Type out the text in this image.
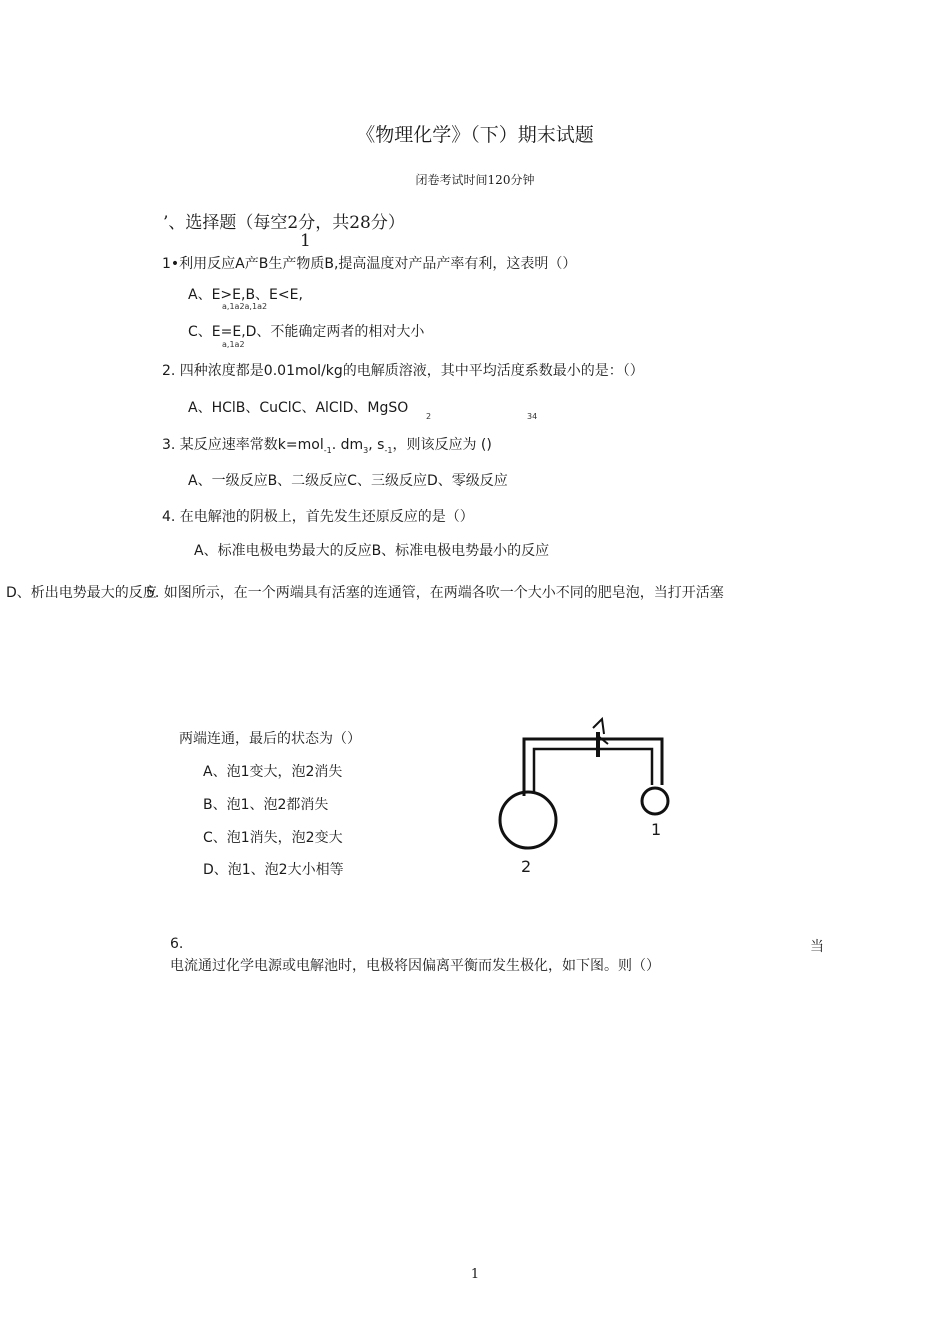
《物理化学》（下）期末试题
闭卷考试时间120分钟
’、选择题（每空2分，共28分）
1
1•利用反应A产B生产物质B,提高温度对产品产率有利，这表明（）
A、E>E,B、E<E,
a,1a2a,1a2
C、E=E,D、不能确定两者的相对大小
a,1a2
2. 四种浓度都是0.01mol/kg的电解质溶液，其中平均活度系数最小的是：（）
A、HClB、CuClC、AlClD、MgSO
2	34
3. 某反应速率常数k=mol$_{-1}$. $dm_3$, $s_{-1}$，则该反应为 ()
A、一级反应B、二级反应C、三级反应D、零级反应
4. 在电解池的阴极上，首先发生还原反应的是（）
A、标准电极电势最大的反应B、标准电极电势最小的反应
D、析出电势最大的反应
5. 如图所示，在一个两端具有活塞的连通管，在两端各吹一个大小不同的肥皂泡，当打开活塞
两端连通，最后的状态为（）
A、泡1变大，泡2消失
B、泡1、泡2都消失
C、泡1消失，泡2变大
D、泡1、泡2大小相等
1
2
6.	当
电流通过化学电源或电解池时，电极将因偏离平衡而发生极化，如下图。则（）
1
